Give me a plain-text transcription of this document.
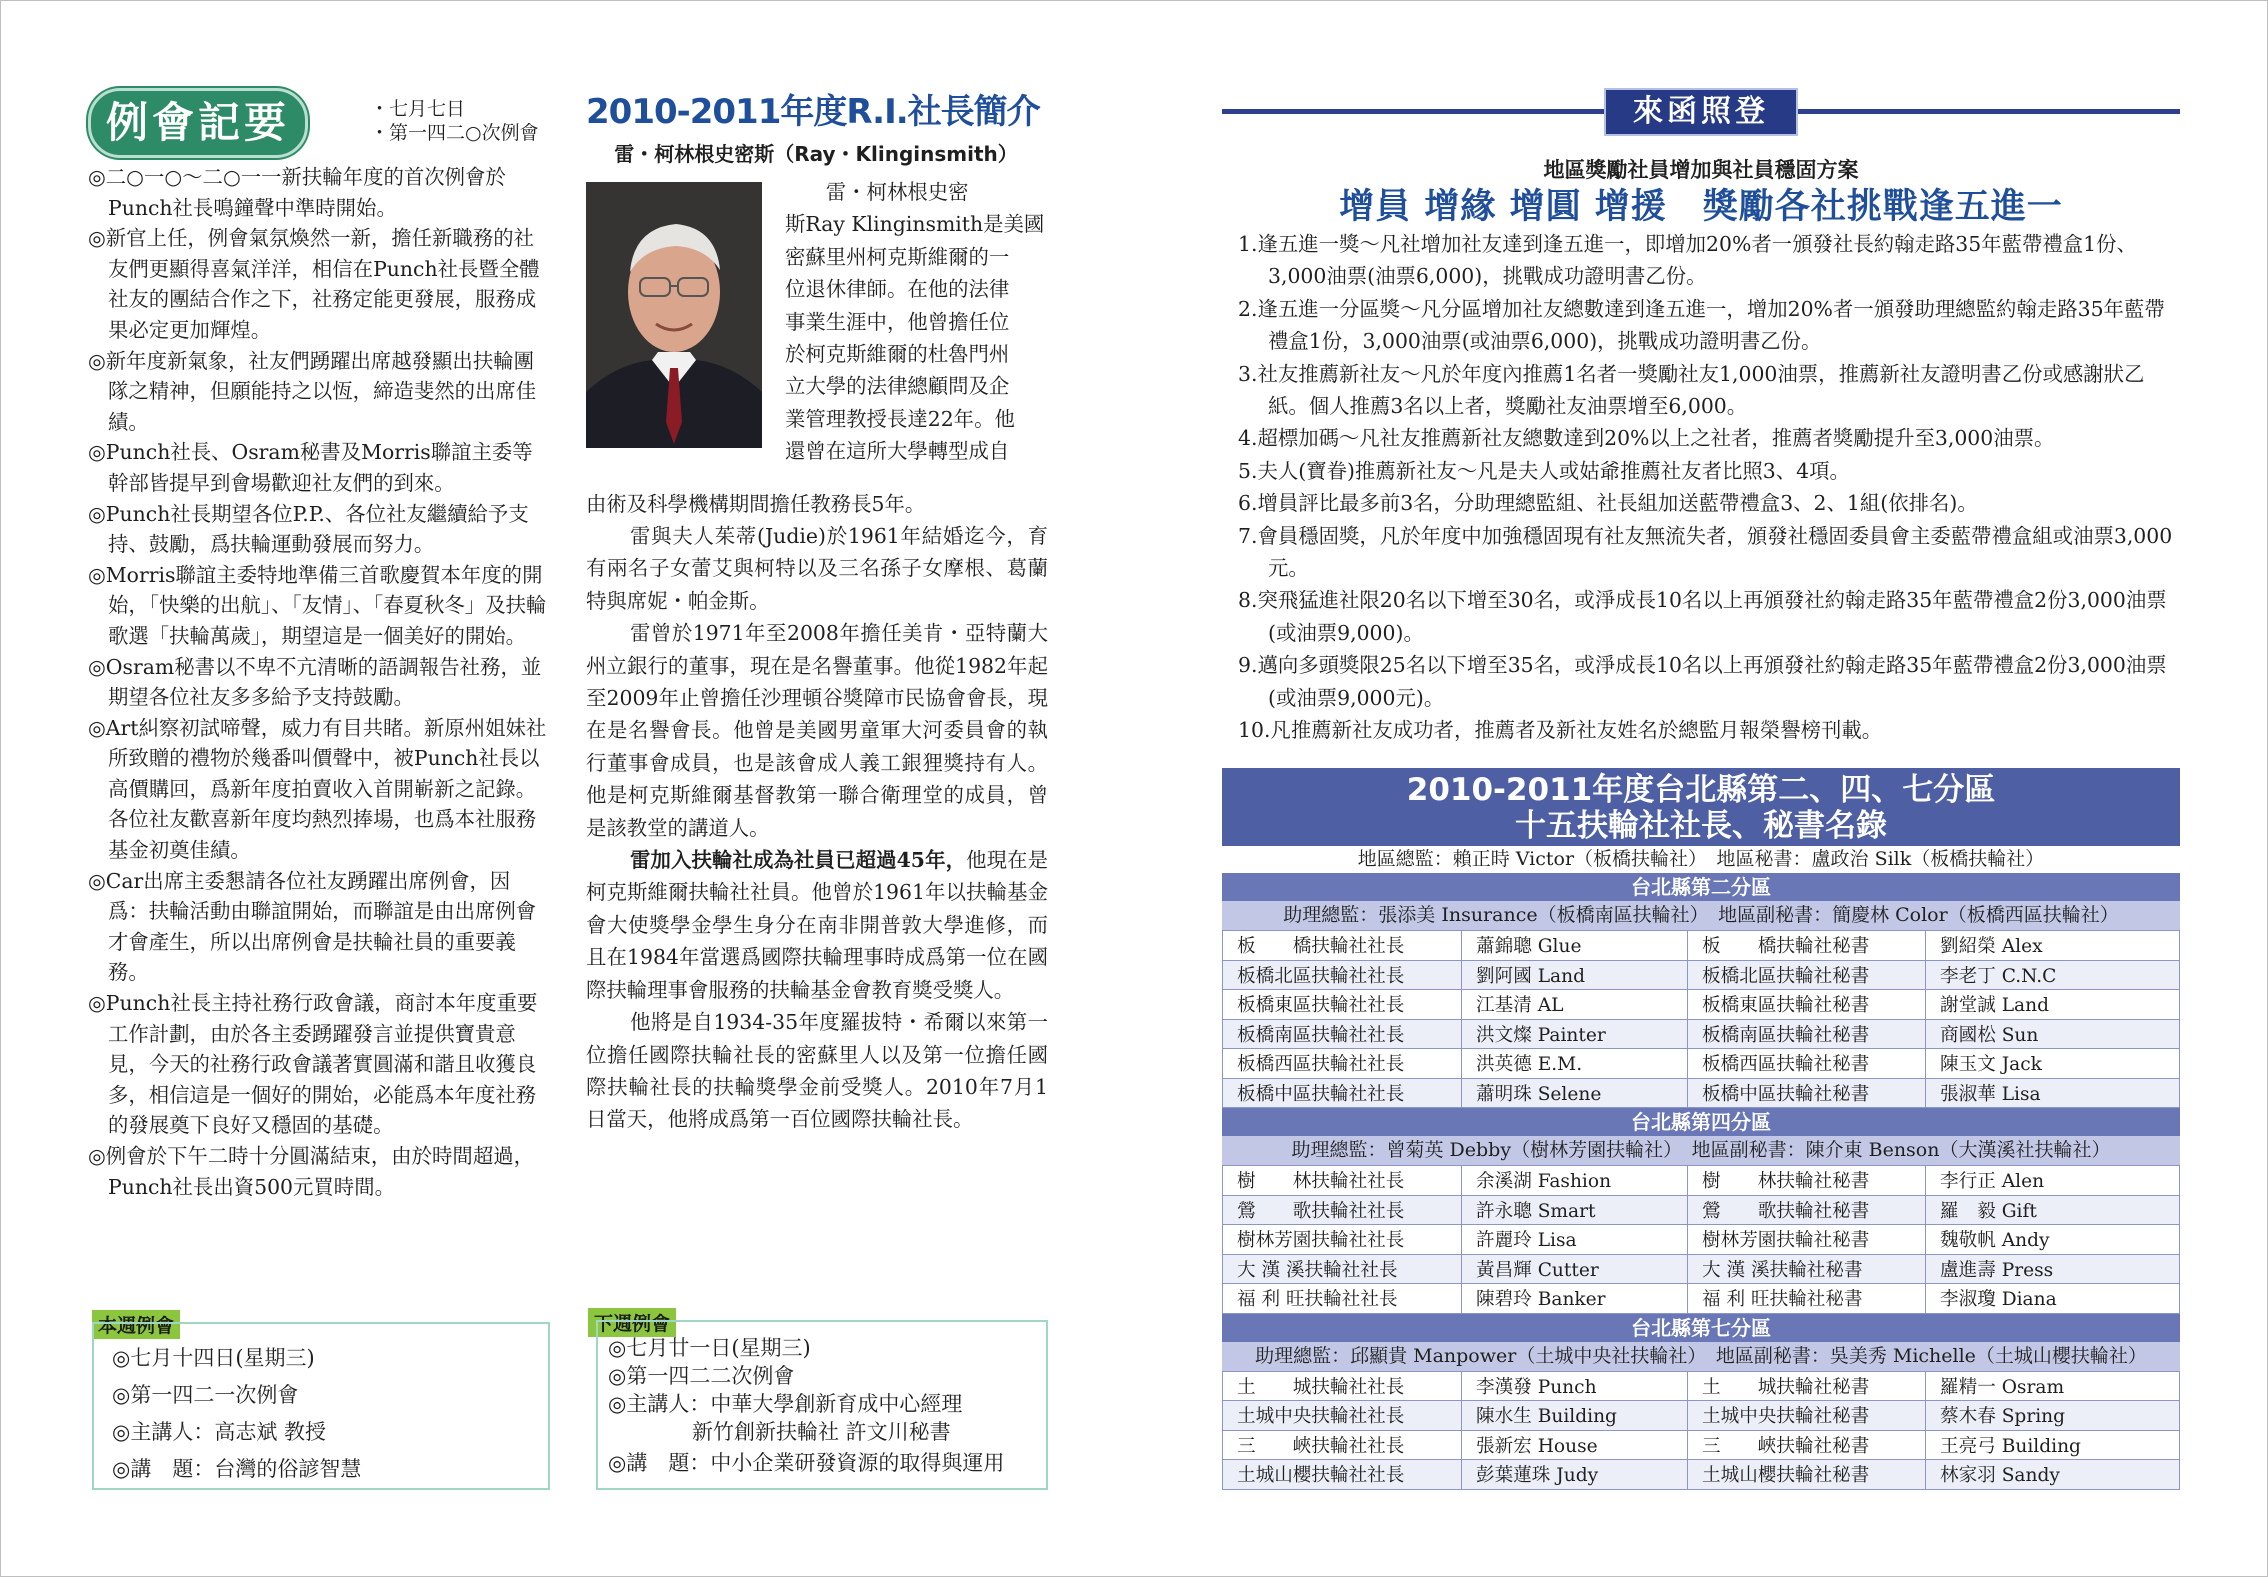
例會記要	・七月七日
・第一四二○次例會

◎二○一○～二○一一新扶輪年度的首次例會於Punch社長鳴鐘聲中準時開始。

◎新官上任，例會氣氛煥然一新，擔任新職務的社友們更顯得喜氣洋洋，相信在Punch社長暨全體社友的團結合作之下，社務定能更發展，服務成果必定更加輝煌。

◎新年度新氣象，社友們踴躍出席越發顯出扶輪團隊之精神，但願能持之以恆，締造斐然的出席佳績。

◎Punch社長、Osram秘書及Morris聯誼主委等幹部皆提早到會場歡迎社友們的到來。

◎Punch社長期望各位P.P.、各位社友繼續給予支持、鼓勵，爲扶輪運動發展而努力。

◎Morris聯誼主委特地準備三首歌慶賀本年度的開始，「快樂的出航」、「友情」、「春夏秋冬」及扶輪歌選「扶輪萬歲」，期望這是一個美好的開始。

◎Osram秘書以不卑不亢清晰的語調報告社務，並期望各位社友多多給予支持鼓勵。

◎Art糾察初試啼聲，威力有目共睹。新原州姐妹社所致贈的禮物於幾番叫價聲中，被Punch社長以高價購回，爲新年度拍賣收入首開嶄新之記錄。各位社友歡喜新年度均熱烈捧場，也爲本社服務基金初奠佳績。

◎Car出席主委懇請各位社友踴躍出席例會，因爲：扶輪活動由聯誼開始，而聯誼是由出席例會才會產生，所以出席例會是扶輪社員的重要義務。

◎Punch社長主持社務行政會議，商討本年度重要工作計劃，由於各主委踴躍發言並提供寶貴意見，今天的社務行政會議著實圓滿和諧且收獲良多，相信這是一個好的開始，必能爲本年度社務的發展奠下良好又穩固的基礎。

◎例會於下午二時十分圓滿結束，由於時間超過，Punch社長出資500元買時間。

本週例會

◎七月十四日(星期三)

◎第一四二一次例會

◎主講人：高志斌 教授

◎講　題：台灣的俗諺智慧

2010-2011年度R.I.社長簡介
雷・柯林根史密斯（Ray・Klinginsmith）

　　雷・柯林根史密

斯Ray Klinginsmith是美國

密蘇里州柯克斯維爾的一

位退休律師。在他的法律

事業生涯中，他曾擔任位

於柯克斯維爾的杜魯門州

立大學的法律總顧問及企

業管理教授長達22年。他

還曾在這所大學轉型成自

由術及科學機構期間擔任教務長5年。

雷與夫人茱蒂(Judie)於1961年結婚迄今，育有兩名子女蕾艾與柯特以及三名孫子女摩根、葛蘭特與席妮・帕金斯。

雷曾於1971年至2008年擔任美肯・亞特蘭大州立銀行的董事，現在是名譽董事。他從1982年起至2009年止曾擔任沙理頓谷獎障市民協會會長，現在是名譽會長。他曾是美國男童軍大河委員會的執行董事會成員，也是該會成人義工銀狸獎持有人。他是柯克斯維爾基督教第一聯合衛理堂的成員，曾是該教堂的講道人。

雷加入扶輪社成為社員已超過45年，他現在是柯克斯維爾扶輪社社員。他曾於1961年以扶輪基金會大使獎學金學生身分在南非開普敦大學進修，而且在1984年當選爲國際扶輪理事時成爲第一位在國際扶輪理事會服務的扶輪基金會教育獎受獎人。

他將是自1934-35年度羅拔特・希爾以來第一位擔任國際扶輪社長的密蘇里人以及第一位擔任國際扶輪社長的扶輪獎學金前受獎人。2010年7月1日當天，他將成爲第一百位國際扶輪社長。

下週例會

◎七月廿一日(星期三)

◎第一四二二次例會

◎主講人：中華大學創新育成中心經理

　　　　新竹創新扶輪社 許文川秘書

◎講　題：中小企業研發資源的取得與運用

來函照登
地區獎勵社員增加與社員穩固方案
增員 增緣 增圓 增援　獎勵各社挑戰逢五進一
1.逢五進一獎～凡社增加社友達到逢五進一，即增加20%者一頒發社長約翰走路35年藍帶禮盒1份、3,000油票(油票6,000)，挑戰成功證明書乙份。
2.逢五進一分區獎～凡分區增加社友總數達到逢五進一，增加20%者一頒發助理總監約翰走路35年藍帶禮盒1份，3,000油票(或油票6,000)，挑戰成功證明書乙份。
3.社友推薦新社友～凡於年度內推薦1名者一獎勵社友1,000油票，推薦新社友證明書乙份或感謝狀乙紙。個人推薦3名以上者，獎勵社友油票增至6,000。
4.超標加碼～凡社友推薦新社友總數達到20%以上之社者，推薦者獎勵提升至3,000油票。
5.夫人(寶眷)推薦新社友～凡是夫人或姑爺推薦社友者比照3、4項。
6.增員評比最多前3名，分助理總監組、社長組加送藍帶禮盒3、2、1組(依排名)。
7.會員穩固獎，凡於年度中加強穩固現有社友無流失者，頒發社穩固委員會主委藍帶禮盒組或油票3,000元。
8.突飛猛進社限20名以下增至30名，或淨成長10名以上再頒發社約翰走路35年藍帶禮盒2份3,000油票(或油票9,000)。
9.邁向多頭獎限25名以下增至35名，或淨成長10名以上再頒發社約翰走路35年藍帶禮盒2份3,000油票(或油票9,000元)。
10.凡推薦新社友成功者，推薦者及新社友姓名於總監月報榮譽榜刊載。
2010-2011年度台北縣第二、四、七分區
十五扶輪社社長、秘書名錄
地區總監：賴正時 Victor（板橋扶輪社）　地區秘書：盧政治 Silk（板橋扶輪社）
台北縣第二分區
助理總監：張添美 Insurance（板橋南區扶輪社）　地區副秘書：簡慶林 Color（板橋西區扶輪社）
板　　橋扶輪社社長	蕭錦聰 Glue	板　　橋扶輪社秘書	劉紹榮 Alex
板橋北區扶輪社社長	劉阿國 Land	板橋北區扶輪社秘書	李老丁 C.N.C
板橋東區扶輪社社長	江基清 AL	板橋東區扶輪社秘書	謝堂誠 Land
板橋南區扶輪社社長	洪文燦 Painter	板橋南區扶輪社秘書	商國松 Sun
板橋西區扶輪社社長	洪英德 E.M.	板橋西區扶輪社秘書	陳玉文 Jack
板橋中區扶輪社社長	蕭明珠 Selene	板橋中區扶輪社秘書	張淑華 Lisa
台北縣第四分區
助理總監：曾菊英 Debby（樹林芳園扶輪社）　地區副秘書：陳介東 Benson（大漢溪社扶輪社）
樹　　林扶輪社社長	余溪湖 Fashion	樹　　林扶輪社秘書	李行正 Alen
鶯　　歌扶輪社社長	許永聰 Smart	鶯　　歌扶輪社秘書	羅　毅 Gift
樹林芳園扶輪社社長	許麗玲 Lisa	樹林芳園扶輪社秘書	魏敬帆 Andy
大 漢 溪扶輪社社長	黃昌輝 Cutter	大 漢 溪扶輪社秘書	盧進壽 Press
福 利 旺扶輪社社長	陳碧玲 Banker	福 利 旺扶輪社秘書	李淑瓊 Diana
台北縣第七分區
助理總監：邱顯貴 Manpower（土城中央社扶輪社）　地區副秘書：吳美秀 Michelle（土城山櫻扶輪社）
土　　城扶輪社社長	李漢發 Punch	土　　城扶輪社秘書	羅精一 Osram
土城中央扶輪社社長	陳水生 Building	土城中央扶輪社秘書	蔡木春 Spring
三　　峽扶輪社社長	張新宏 House	三　　峽扶輪社秘書	王亮弓 Building
土城山櫻扶輪社社長	彭葉蓮珠 Judy	土城山櫻扶輪社秘書	林家羽 Sandy
